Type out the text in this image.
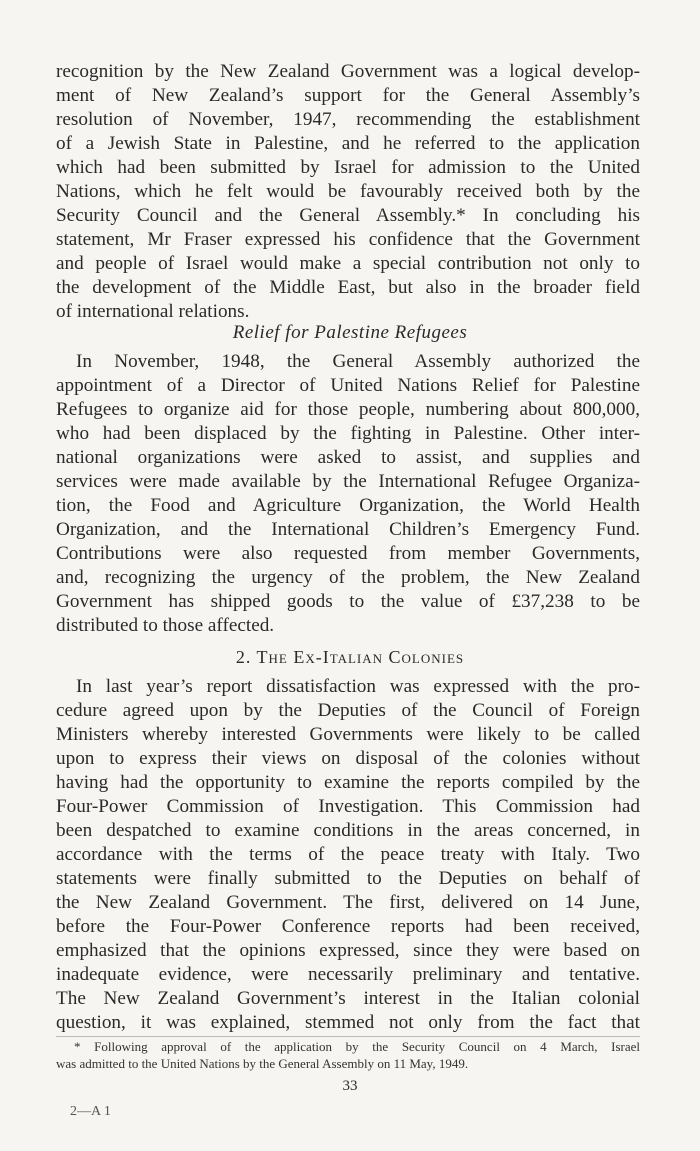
recognition by the New Zealand Government was a logical develop-
ment of New Zealand’s support for the General Assembly’s
resolution of November, 1947, recommending the establishment
of a Jewish State in Palestine, and he referred to the application
which had been submitted by Israel for admission to the United
Nations, which he felt would be favourably received both by the
Security Council and the General Assembly.* In concluding his
statement, Mr Fraser expressed his confidence that the Government
and people of Israel would make a special contribution not only to
the development of the Middle East, but also in the broader field
of international relations.
Relief for Palestine Refugees
In November, 1948, the General Assembly authorized the
appointment of a Director of United Nations Relief for Palestine
Refugees to organize aid for those people, numbering about 800,000,
who had been displaced by the fighting in Palestine. Other inter-
national organizations were asked to assist, and supplies and
services were made available by the International Refugee Organiza-
tion, the Food and Agriculture Organization, the World Health
Organization, and the International Children’s Emergency Fund.
Contributions were also requested from member Governments,
and, recognizing the urgency of the problem, the New Zealand
Government has shipped goods to the value of £37,238 to be
distributed to those affected.
2. The Ex-Italian Colonies
In last year’s report dissatisfaction was expressed with the pro-
cedure agreed upon by the Deputies of the Council of Foreign
Ministers whereby interested Governments were likely to be called
upon to express their views on disposal of the colonies without
having had the opportunity to examine the reports compiled by the
Four-Power Commission of Investigation. This Commission had
been despatched to examine conditions in the areas concerned, in
accordance with the terms of the peace treaty with Italy. Two
statements were finally submitted to the Deputies on behalf of
the New Zealand Government. The first, delivered on 14 June,
before the Four-Power Conference reports had been received,
emphasized that the opinions expressed, since they were based on
inadequate evidence, were necessarily preliminary and tentative.
The New Zealand Government’s interest in the Italian colonial
question, it was explained, stemmed not only from the fact that
* Following approval of the application by the Security Council on 4 March, Israel
was admitted to the United Nations by the General Assembly on 11 May, 1949.
33
2—A 1
